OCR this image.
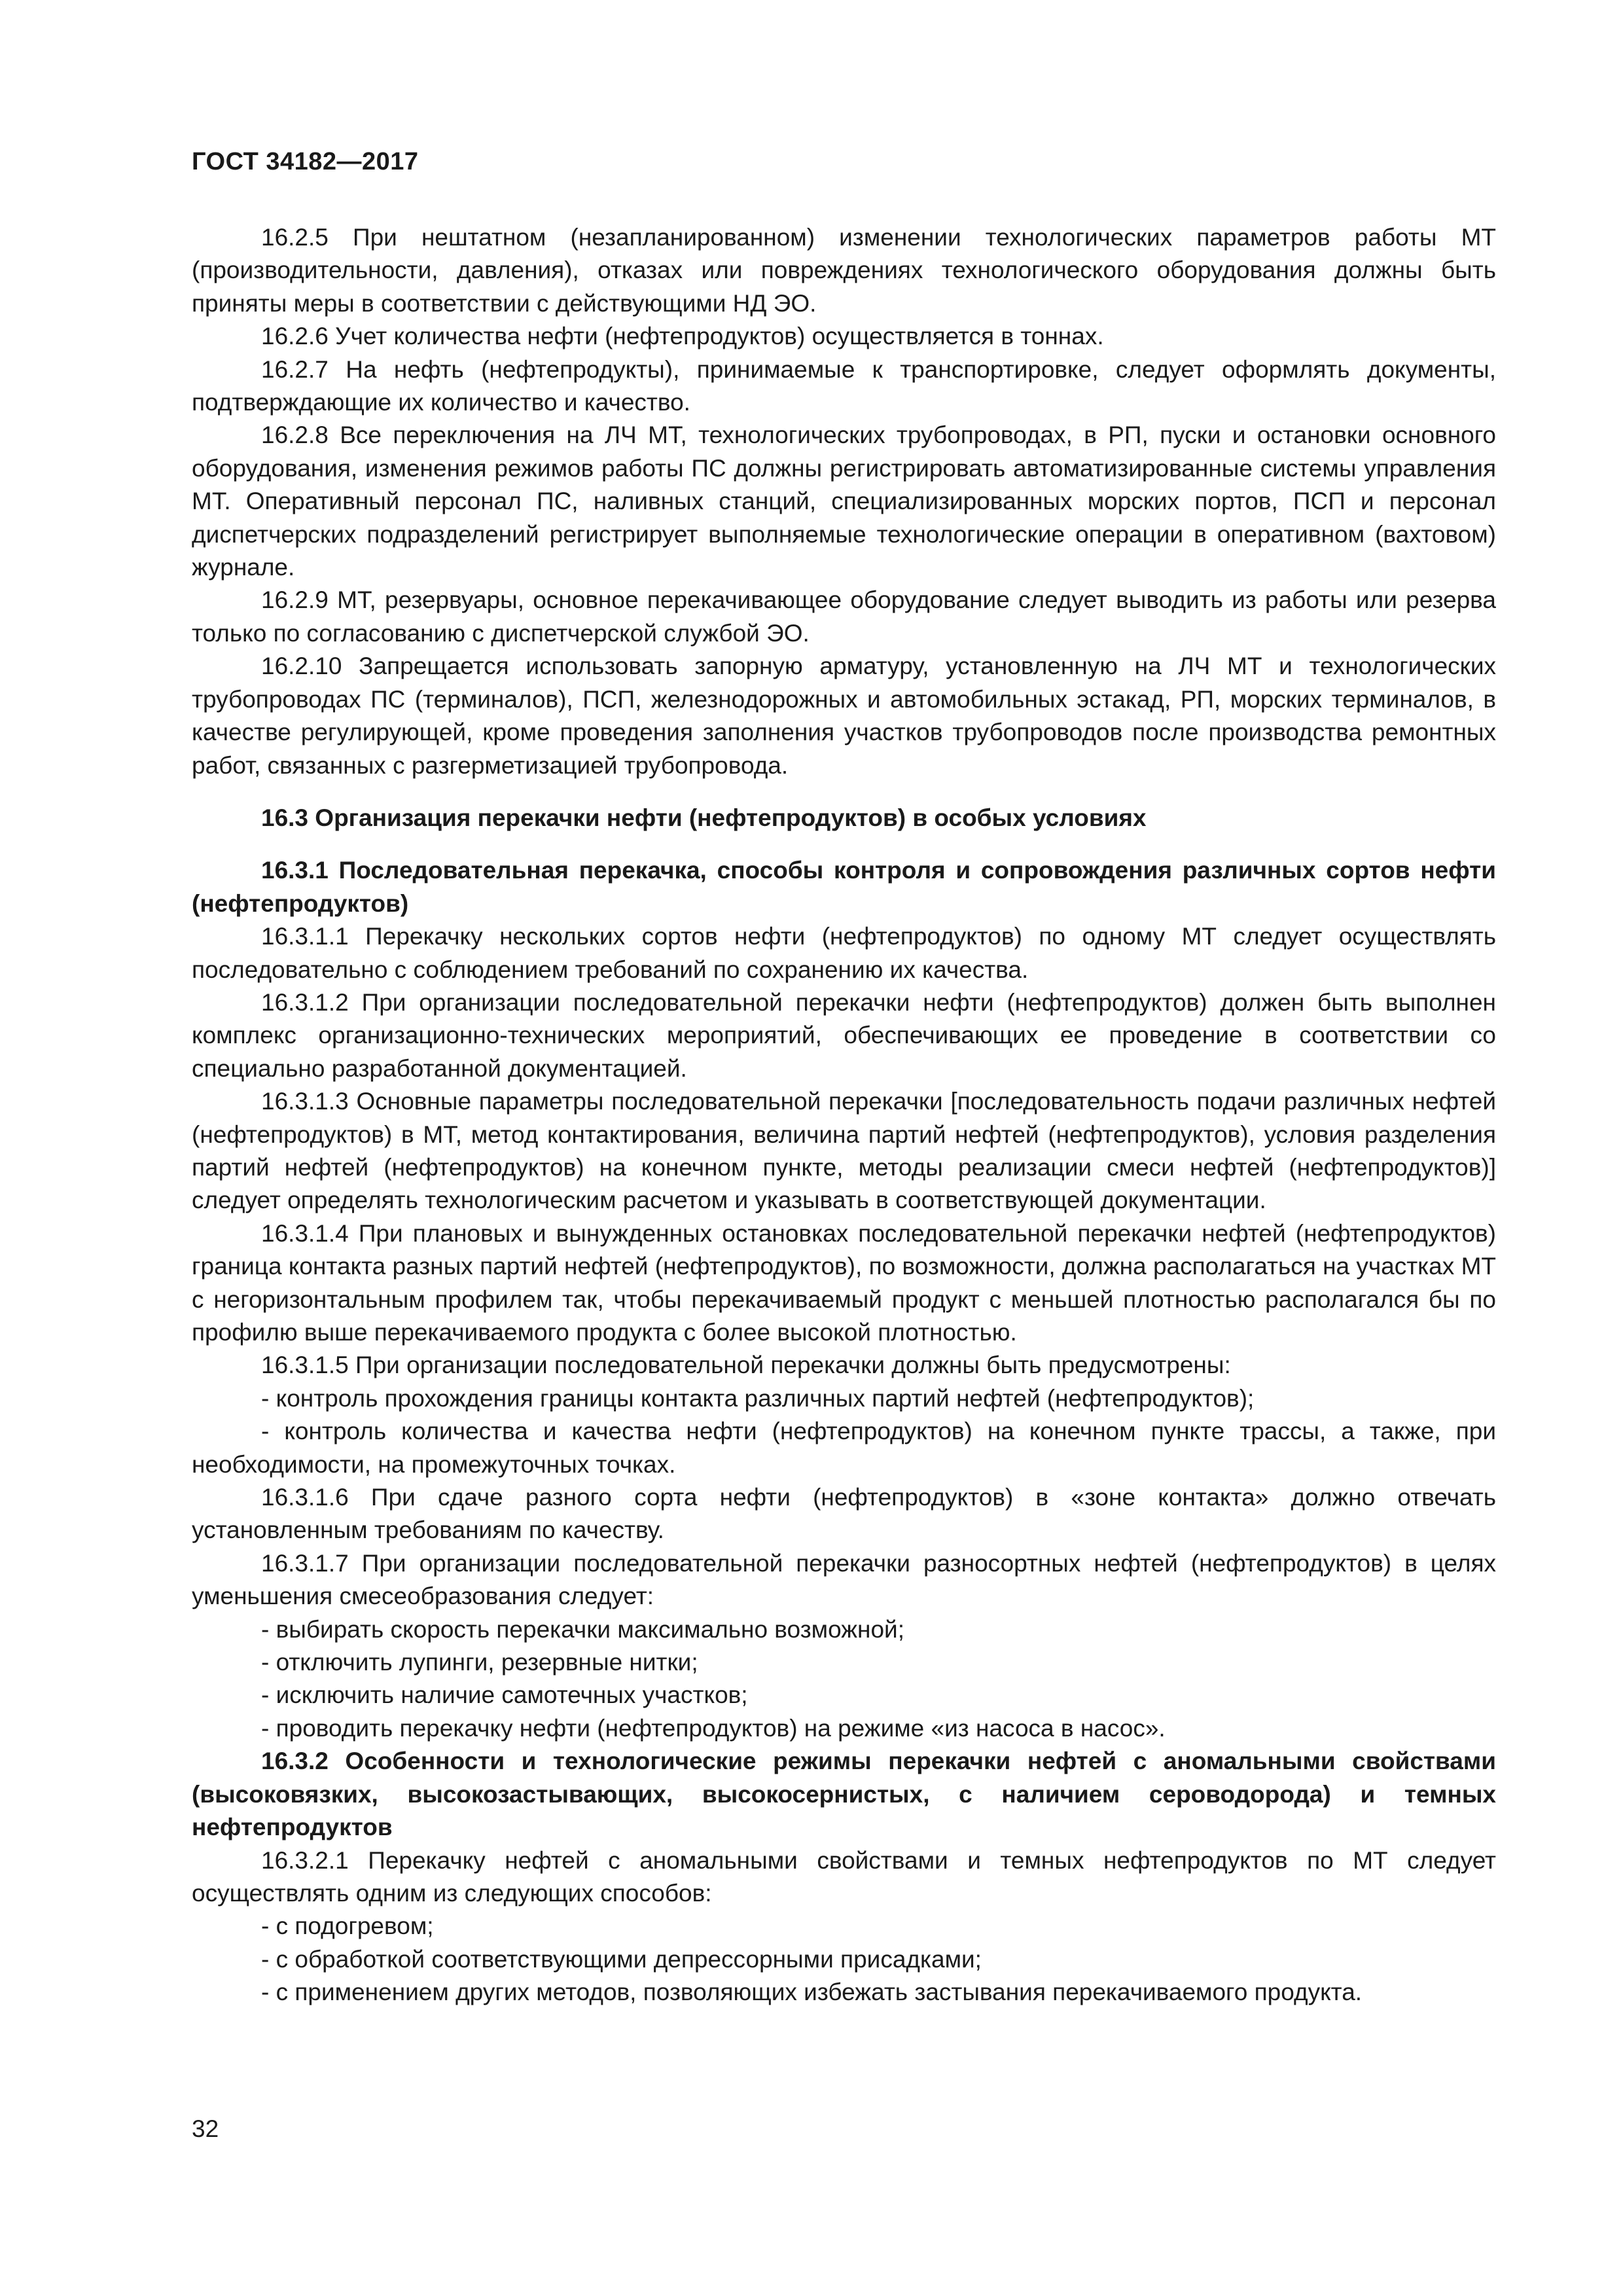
ГОСТ 34182—2017

16.2.5 При нештатном (незапланированном) изменении технологических параметров работы МТ (производительности, давления), отказах или повреждениях технологического оборудования должны быть приняты меры в соответствии с действующими НД ЭО.

16.2.6 Учет количества нефти (нефтепродуктов) осуществляется в тоннах.

16.2.7 На нефть (нефтепродукты), принимаемые к транспортировке, следует оформлять документы, подтверждающие их количество и качество.

16.2.8 Все переключения на ЛЧ МТ, технологических трубопроводах, в РП, пуски и остановки основного оборудования, изменения режимов работы ПС должны регистрировать автоматизированные системы управления МТ. Оперативный персонал ПС, наливных станций, специализированных морских портов, ПСП и персонал диспетчерских подразделений регистрирует выполняемые технологические операции в оперативном (вахтовом) журнале.

16.2.9 МТ, резервуары, основное перекачивающее оборудование следует выводить из работы или резерва только по согласованию с диспетчерской службой ЭО.

16.2.10 Запрещается использовать запорную арматуру, установленную на ЛЧ МТ и технологических трубопроводах ПС (терминалов), ПСП, железнодорожных и автомобильных эстакад, РП, морских терминалов, в качестве регулирующей, кроме проведения заполнения участков трубопроводов после производства ремонтных работ, связанных с разгерметизацией трубопровода.

16.3 Организация перекачки нефти (нефтепродуктов) в особых условиях

16.3.1 Последовательная перекачка, способы контроля и сопровождения различных сортов нефти (нефтепродуктов)

16.3.1.1 Перекачку нескольких сортов нефти (нефтепродуктов) по одному МТ следует осуществлять последовательно с соблюдением требований по сохранению их качества.

16.3.1.2 При организации последовательной перекачки нефти (нефтепродуктов) должен быть выполнен комплекс организационно-технических мероприятий, обеспечивающих ее проведение в соответствии со специально разработанной документацией.

16.3.1.3 Основные параметры последовательной перекачки [последовательность подачи различных нефтей (нефтепродуктов) в МТ, метод контактирования, величина партий нефтей (нефтепродуктов), условия разделения партий нефтей (нефтепродуктов) на конечном пункте, методы реализации смеси нефтей (нефтепродуктов)] следует определять технологическим расчетом и указывать в соответствующей документации.

16.3.1.4 При плановых и вынужденных остановках последовательной перекачки нефтей (нефтепродуктов) граница контакта разных партий нефтей (нефтепродуктов), по возможности, должна располагаться на участках МТ с негоризонтальным профилем так, чтобы перекачиваемый продукт с меньшей плотностью располагался бы по профилю выше перекачиваемого продукта с более высокой плотностью.

16.3.1.5 При организации последовательной перекачки должны быть предусмотрены:

- контроль прохождения границы контакта различных партий нефтей (нефтепродуктов);

- контроль количества и качества нефти (нефтепродуктов) на конечном пункте трассы, а также, при необходимости, на промежуточных точках.

16.3.1.6 При сдаче разного сорта нефти (нефтепродуктов) в «зоне контакта» должно отвечать установленным требованиям по качеству.

16.3.1.7 При организации последовательной перекачки разносортных нефтей (нефтепродуктов) в целях уменьшения смесеобразования следует:

- выбирать скорость перекачки максимально возможной;

- отключить лупинги, резервные нитки;

- исключить наличие самотечных участков;

- проводить перекачку нефти (нефтепродуктов) на режиме «из насоса в насос».

16.3.2 Особенности и технологические режимы перекачки нефтей с аномальными свойствами (высоковязких, высокозастывающих, высокосернистых, с наличием сероводорода) и темных нефтепродуктов

16.3.2.1 Перекачку нефтей с аномальными свойствами и темных нефтепродуктов по МТ следует осуществлять одним из следующих способов:

- с подогревом;

- с обработкой соответствующими депрессорными присадками;

- с применением других методов, позволяющих избежать застывания перекачиваемого продукта.

32
